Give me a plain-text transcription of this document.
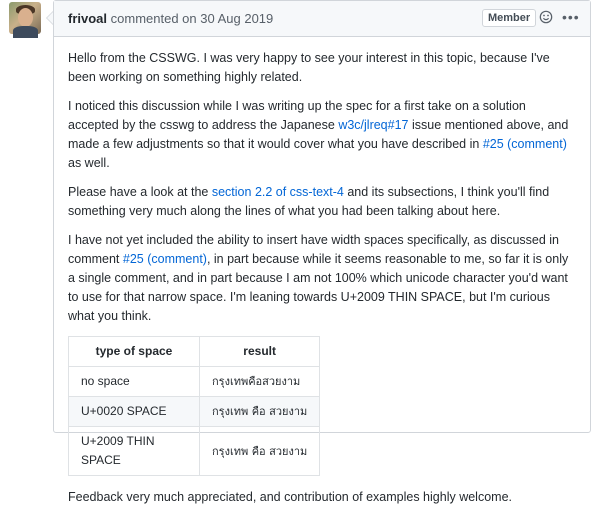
frivoal commented on 30 Aug 2019	Member	•••

Hello from the CSSWG. I was very happy to see your interest in this topic, because I've been working on something highly related.

I noticed this discussion while I was writing up the spec for a first take on a solution accepted by the csswg to address the Japanese w3c/jlreq#17 issue mentioned above, and made a few adjustments so that it would cover what you have described in #25 (comment) as well.

Please have a look at the section 2.2 of css-text-4 and its subsections, I think you'll find something very much along the lines of what you had been talking about here.

I have not yet included the ability to insert have width spaces specifically, as discussed in comment #25 (comment), in part because while it seems reasonable to me, so far it is only a single comment, and in part because I am not 100% which unicode character you'd want to use for that narrow space. I'm leaning towards U+2009 THIN SPACE, but I'm curious what you think.

type of space	result
no space	กรุงเทพคือสวยงาม
U+0020 SPACE	กรุงเทพ คือ สวยงาม
U+2009 THIN SPACE	กรุงเทพ คือ สวยงาม

Feedback very much appreciated, and contribution of examples highly welcome.
